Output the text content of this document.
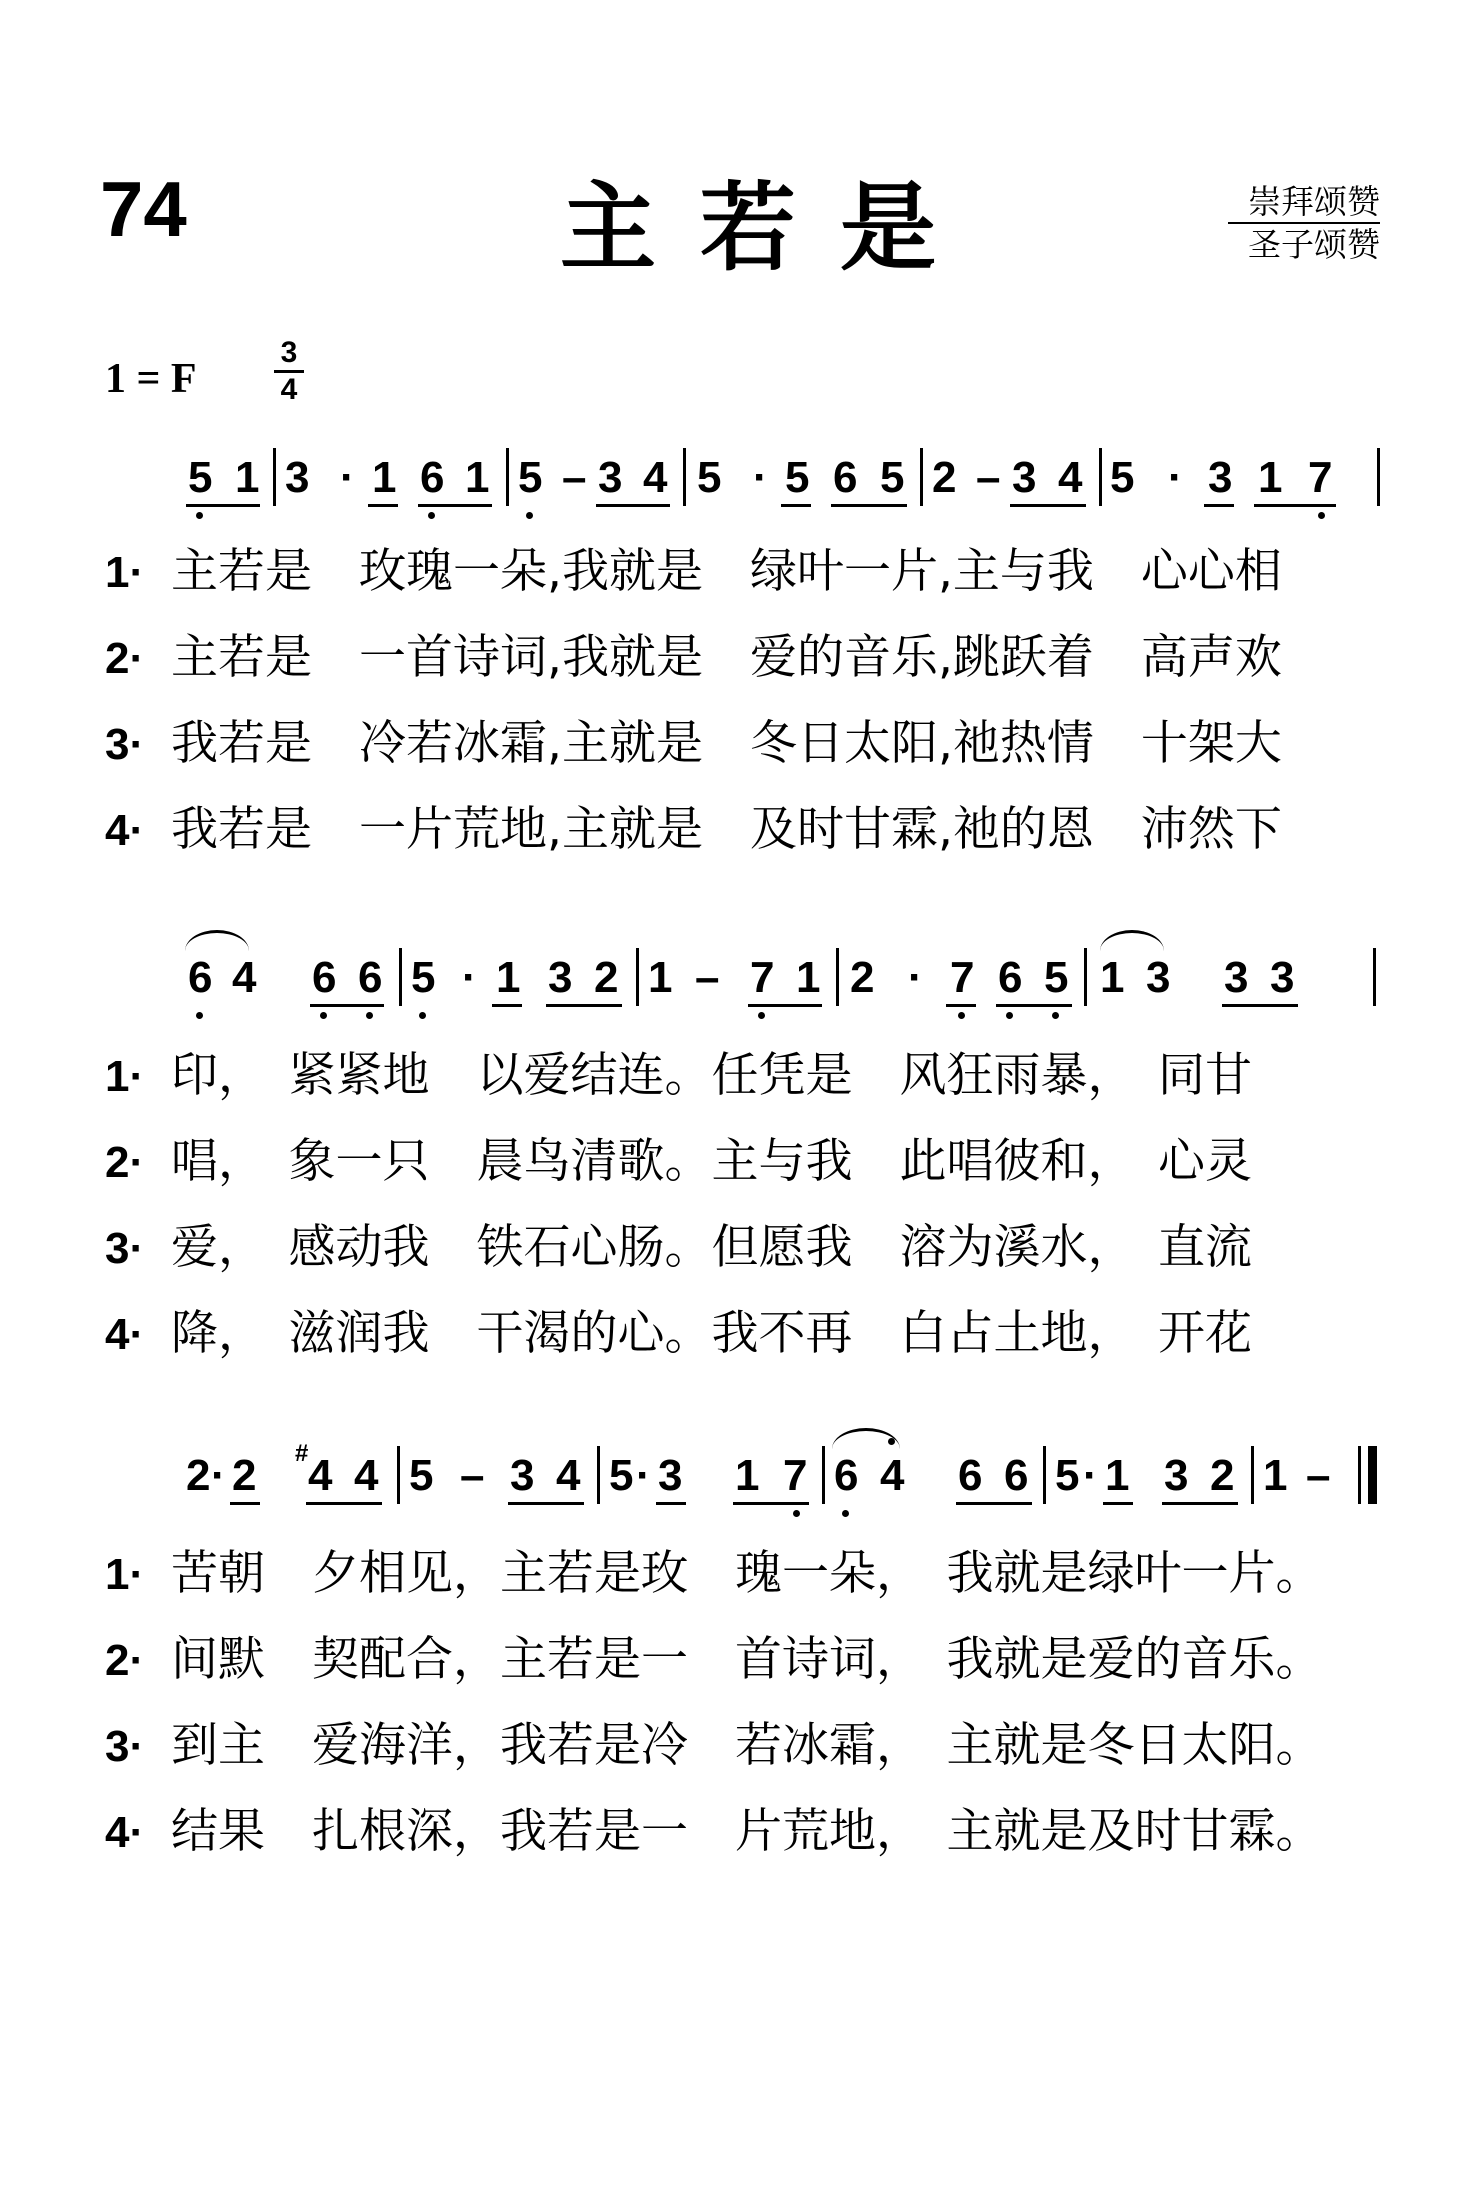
74	主若是	崇拜颂赞
圣子颂赞
1 = F
3
4
5 1 3 · 1 6 1 5 – 3 4 5 · 5 6 5 2 – 3 4 5 · 3 1 7
1· 主若是　玫瑰一朵,我就是　绿叶一片,主与我　心心相
2· 主若是　一首诗词,我就是　爱的音乐,跳跃着　高声欢
3· 我若是　冷若冰霜,主就是　冬日太阳,祂热情　十架大
4· 我若是　一片荒地,主就是　及时甘霖,祂的恩　沛然下
6 4 6 6 5 · 1 3 2 1 – 7 1 2 · 7 6 5 1 3 3 3
1· 印，　紧紧地　以爱结连。任凭是　风狂雨暴，　同甘
2· 唱，　象一只　晨鸟清歌。主与我　此唱彼和，　心灵
3· 爱，　感动我　铁石心肠。但愿我　溶为溪水，　直流
4· 降，　滋润我　干渴的心。我不再　白占土地，　开花
2 · 2 # 4 4 5 – 3 4 5 · 3 1 7 6 4 6 6 5 · 1 3 2 1 –
1· 苦朝　夕相见，主若是玫　瑰一朵，　我就是绿叶一片。
2· 间默　契配合，主若是一　首诗词，　我就是爱的音乐。
3· 到主　爱海洋，我若是冷　若冰霜，　主就是冬日太阳。
4· 结果　扎根深，我若是一　片荒地，　主就是及时甘霖。
